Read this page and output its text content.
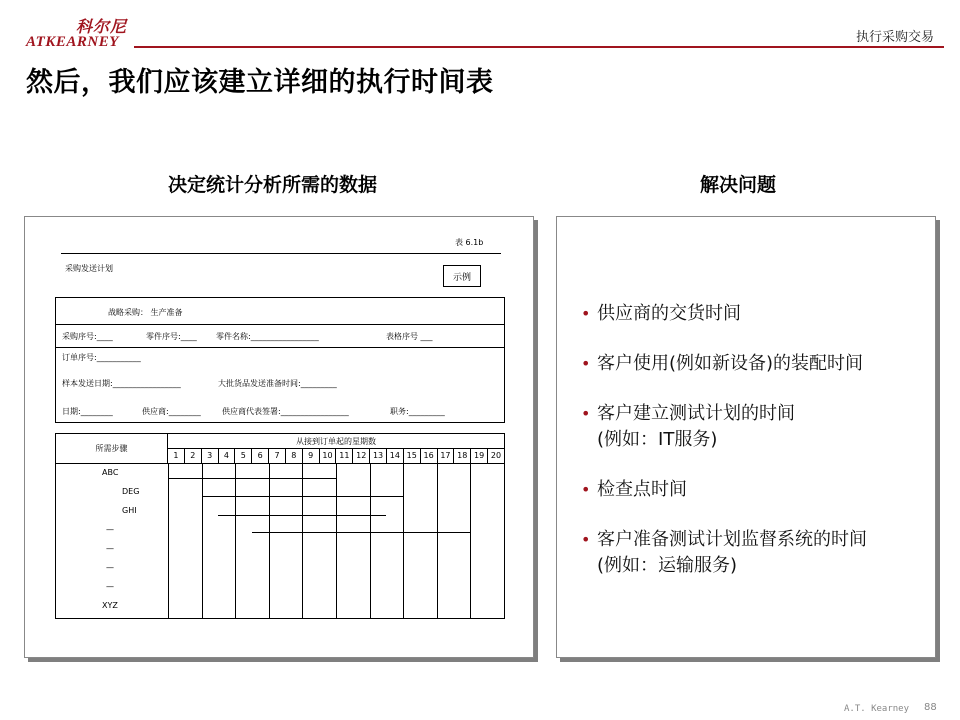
科尔尼
ATKEARNEY	执行采购交易
然后，我们应该建立详细的执行时间表
决定统计分析所需的数据	解决问题
表 6.1b
采购发送计划
示例
战略采购： 生产准备
采购序号:____	零件序号:____ 零件名称:_________________	表格序号 ___
订单序号:___________
样本发送日期:_________________	大批货品发送准备时间:_________
日期:________	供应商:________	供应商代表签署:_________________	职务:_________
所需步骤
从接到订单起的星期数
1	2	3	4	5	6	7	8	9	10 11 12 13 14 15 16 17 18 19 20
ABC
DEG
GHI
—
—
—
—
XYZ
• 供应商的交货时间
• 客户使用(例如新设备)的装配时间
• 客户建立测试计划的时间
(例如：IT服务)
• 检查点时间
• 客户准备测试计划监督系统的时间
(例如：运输服务)
A.T. Kearney 88
